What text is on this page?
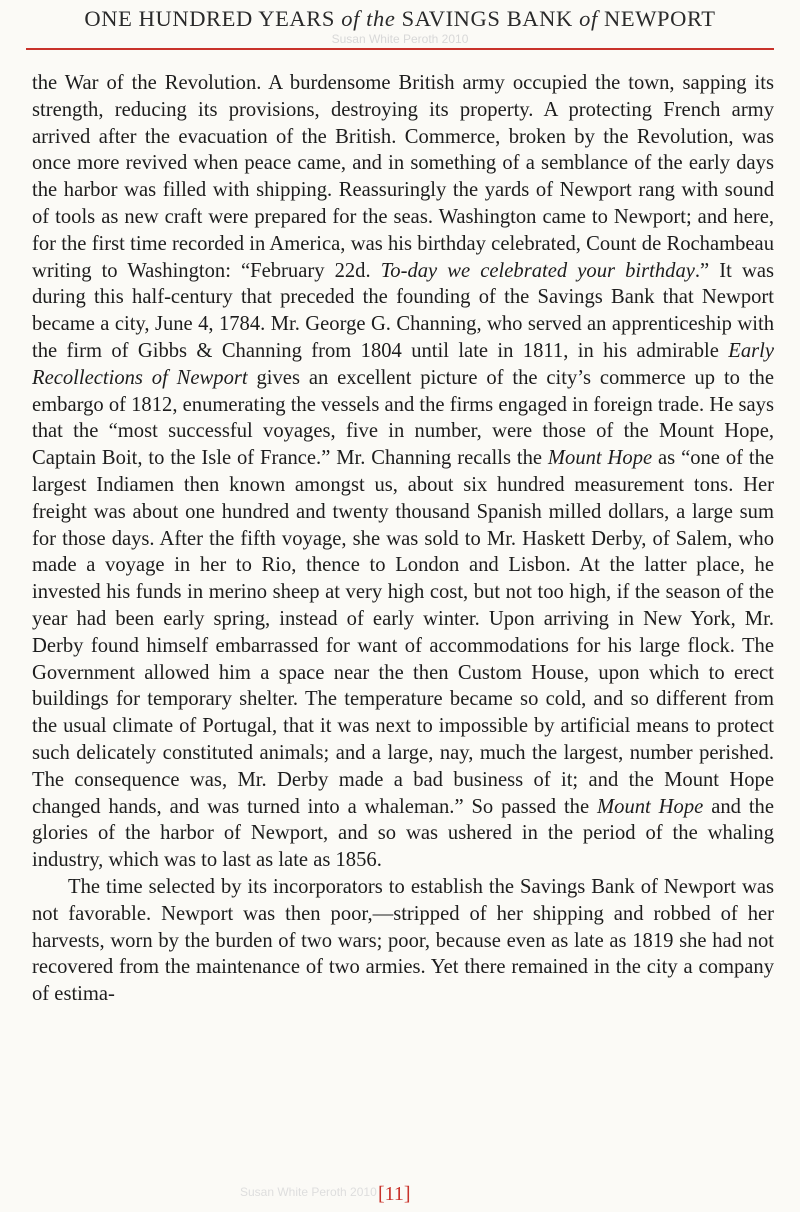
ONE HUNDRED YEARS of the SAVINGS BANK of NEWPORT
Susan White Peroth 2010

the War of the Revolution. A burdensome British army occupied the town, sapping its strength, reducing its provisions, destroying its property. A protecting French army arrived after the evacuation of the British. Commerce, broken by the Revolution, was once more revived when peace came, and in something of a semblance of the early days the harbor was filled with shipping. Reassuringly the yards of Newport rang with sound of tools as new craft were prepared for the seas. Washington came to Newport; and here, for the first time recorded in America, was his birthday celebrated, Count de Rochambeau writing to Washington: “February 22d. To-day we celebrated your birthday.” It was during this half-century that preceded the founding of the Savings Bank that Newport became a city, June 4, 1784. Mr. George G. Channing, who served an apprenticeship with the firm of Gibbs & Channing from 1804 until late in 1811, in his admirable Early Recollections of Newport gives an excellent picture of the city’s commerce up to the embargo of 1812, enumerating the vessels and the firms engaged in foreign trade. He says that the “most successful voyages, five in number, were those of the Mount Hope, Captain Boit, to the Isle of France.” Mr. Channing recalls the Mount Hope as “one of the largest Indiamen then known amongst us, about six hundred measurement tons. Her freight was about one hundred and twenty thousand Spanish milled dollars, a large sum for those days. After the fifth voyage, she was sold to Mr. Haskett Derby, of Salem, who made a voyage in her to Rio, thence to London and Lisbon. At the latter place, he invested his funds in merino sheep at very high cost, but not too high, if the season of the year had been early spring, instead of early winter. Upon arriving in New York, Mr. Derby found himself embarrassed for want of accommodations for his large flock. The Government allowed him a space near the then Custom House, upon which to erect buildings for temporary shelter. The temperature became so cold, and so different from the usual climate of Portugal, that it was next to impossible by artificial means to protect such delicately constituted animals; and a large, nay, much the largest, number perished. The consequence was, Mr. Derby made a bad business of it; and the Mount Hope changed hands, and was turned into a whaleman.” So passed the Mount Hope and the glories of the harbor of Newport, and so was ushered in the period of the whaling industry, which was to last as late as 1856.

The time selected by its incorporators to establish the Savings Bank of Newport was not favorable. Newport was then poor,—stripped of her shipping and robbed of her harvests, worn by the burden of two wars; poor, because even as late as 1819 she had not recovered from the maintenance of two armies. Yet there remained in the city a company of estima-

Susan White Peroth 2010 [11]
